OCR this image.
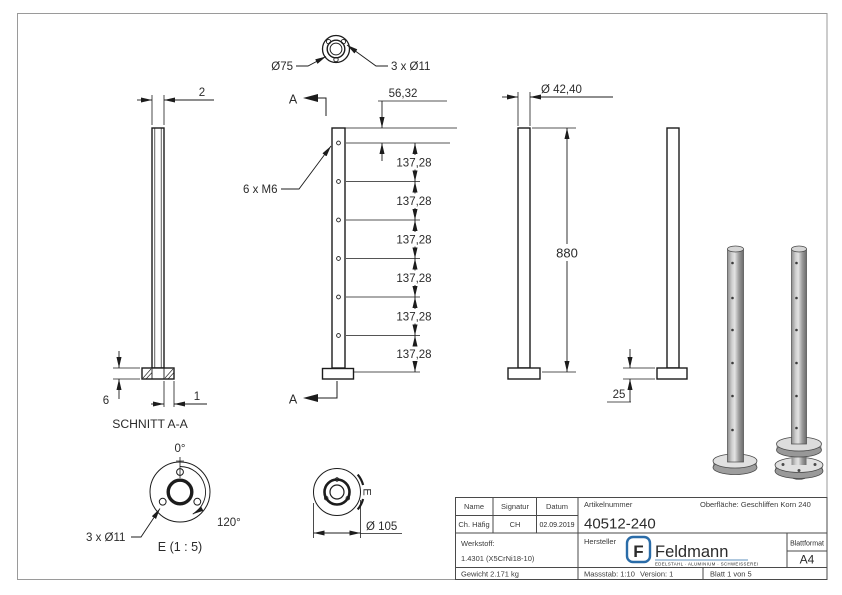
Ø75	3 x Ø11
2
6	1
SCHNITT A-A
A
A
56,32
137,28
137,28
137,28
137,28
137,28
137,28
6 x M6
Ø 42,40
880
25
0°
120°
3 x Ø11
E (1 : 5)
E
Ø 105
Name Signatur Datum
Ch. Häfig	CH	02.09.2019
Artikelnummer
40512-240
Oberfläche: Geschliffen Korn 240
Werkstoff:
1.4301 (X5CrNi18-10)
Hersteller	Blattformat
A4
Gewicht 2.171 kg	Massstab: 1:10 Version: 1	Blatt 1 von 5
F Feldmann
EDELSTAHL · ALUMINIUM · SCHWEISSEREI
